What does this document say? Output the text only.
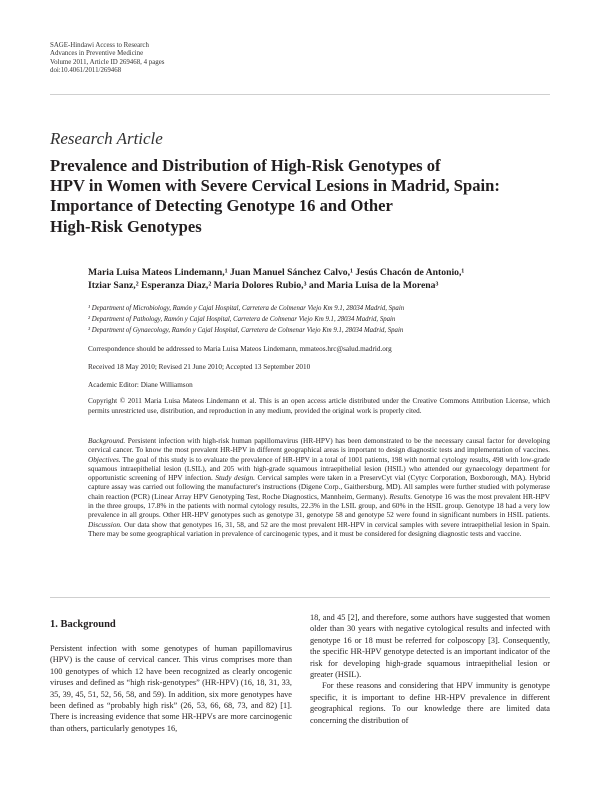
SAGE-Hindawi Access to Research
Advances in Preventive Medicine
Volume 2011, Article ID 269468, 4 pages
doi:10.4061/2011/269468
Research Article
Prevalence and Distribution of High-Risk Genotypes of
HPV in Women with Severe Cervical Lesions in Madrid, Spain:
Importance of Detecting Genotype 16 and Other
High-Risk Genotypes
Maria Luisa Mateos Lindemann,¹ Juan Manuel Sánchez Calvo,¹ Jesús Chacón de Antonio,¹
Itziar Sanz,² Esperanza Diaz,² Maria Dolores Rubio,³ and Maria Luisa de la Morena³
¹ Department of Microbiology, Ramón y Cajal Hospital, Carretera de Colmenar Viejo Km 9.1, 28034 Madrid, Spain
² Department of Pathology, Ramón y Cajal Hospital, Carretera de Colmenar Viejo Km 9.1, 28034 Madrid, Spain
³ Department of Gynaecology, Ramón y Cajal Hospital, Carretera de Colmenar Viejo Km 9.1, 28034 Madrid, Spain
Correspondence should be addressed to Maria Luisa Mateos Lindemann, mmateos.hrc@salud.madrid.org
Received 18 May 2010; Revised 21 June 2010; Accepted 13 September 2010
Academic Editor: Diane Williamson
Copyright © 2011 Maria Luisa Mateos Lindemann et al. This is an open access article distributed under the Creative Commons Attribution License, which permits unrestricted use, distribution, and reproduction in any medium, provided the original work is properly cited.
Background. Persistent infection with high-risk human papillomavirus (HR-HPV) has been demonstrated to be the necessary causal factor for developing cervical cancer. To know the most prevalent HR-HPV in different geographical areas is important to design diagnostic tests and implementation of vaccines. Objectives. The goal of this study is to evaluate the prevalence of HR-HPV in a total of 1001 patients, 198 with normal cytology results, 498 with low-grade squamous intraepithelial lesion (LSIL), and 205 with high-grade squamous intraepithelial lesion (HSIL) who attended our gynaecology department for opportunistic screening of HPV infection. Study design. Cervical samples were taken in a PreservCyt vial (Cytyc Corporation, Boxborough, MA). Hybrid capture assay was carried out following the manufacturer's instructions (Digene Corp., Gaithersburg, MD). All samples were further studied with polymerase chain reaction (PCR) (Linear Array HPV Genotyping Test, Roche Diagnostics, Mannheim, Germany). Results. Genotype 16 was the most prevalent HR-HPV in the three groups, 17.8% in the patients with normal cytology results, 22.3% in the LSIL group, and 60% in the HSIL group. Genotype 18 had a very low prevalence in all groups. Other HR-HPV genotypes such as genotype 31, genotype 58 and genotype 52 were found in significant numbers in HSIL patients. Discussion. Our data show that genotypes 16, 31, 58, and 52 are the most prevalent HR-HPV in cervical samples with severe intraepithelial lesion in Spain. There may be some geographical variation in prevalence of carcinogenic types, and it must be considered for designing diagnostic tests and vaccine.
1. Background

Persistent infection with some genotypes of human papillomavirus (HPV) is the cause of cervical cancer. This virus comprises more than 100 genotypes of which 12 have been recognized as clearly oncogenic viruses and defined as “high risk-genotypes” (HR-HPV) (16, 18, 31, 33, 35, 39, 45, 51, 52, 56, 58, and 59). In addition, six more genotypes have been defined as “probably high risk” (26, 53, 66, 68, 73, and 82) [1]. There is increasing evidence that some HR-HPVs are more carcinogenic than others, particularly genotypes 16,

18, and 45 [2], and therefore, some authors have suggested that women older than 30 years with negative cytological results and infected with genotype 16 or 18 must be referred for colposcopy [3]. Consequently, the specific HR-HPV genotype detected is an important indicator of the risk for developing high-grade squamous intraepithelial lesion or greater (HSIL).

For these reasons and considering that HPV immunity is genotype specific, it is important to define HR-HPV prevalence in different geographical regions. To our knowledge there are limited data concerning the distribution of
